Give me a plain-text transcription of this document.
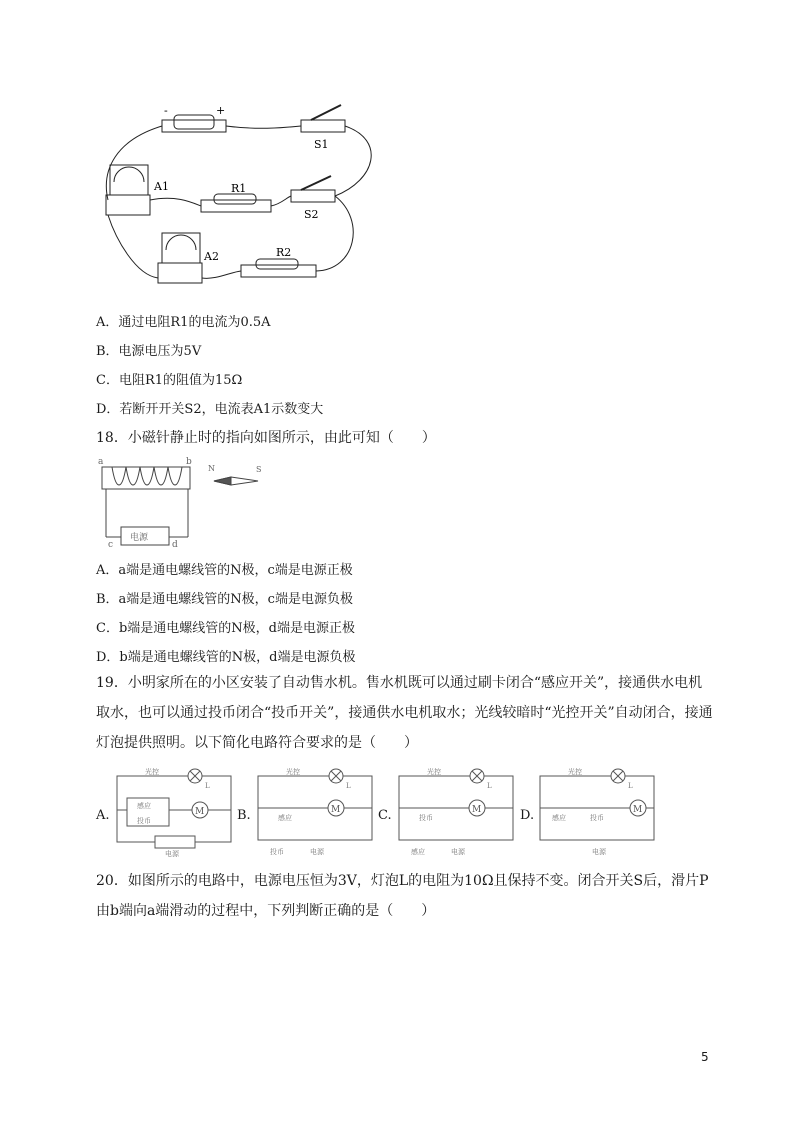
-	+
S1
S2
A1
A2
R1
R2
A．通过电阻R1的电流为0.5A
B．电源电压为5V
C．电阻R1的阻值为15Ω
D．若断开开关S2，电流表A1示数变大
18．小磁针静止时的指向如图所示，由此可知（　　）
a	b
c	d
电源
N	S
A．a端是通电螺线管的N极，c端是电源正极
B．a端是通电螺线管的N极，c端是电源负极
C．b端是通电螺线管的N极，d端是电源正极
D．b端是通电螺线管的N极，d端是电源负极
19．小明家所在的小区安装了自动售水机。售水机既可以通过刷卡闭合“感应开关”，接通供水电机取水，也可以通过投币闭合“投币开关”，接通供水电机取水；光线较暗时“光控开关”自动闭合，接通灯泡提供照明。以下简化电路符合要求的是（　　）
A.	B.	C.	D.
光控
L
感应
投币
M
电源
光控
L
感应
M
投币	电源
光控
L
投币
M
感应	电源
光控
L
感应	投币
M
电源
20．如图所示的电路中，电源电压恒为3V，灯泡L的电阻为10Ω且保持不变。闭合开关S后，滑片P由b端向a端滑动的过程中，下列判断正确的是（　　）
5
